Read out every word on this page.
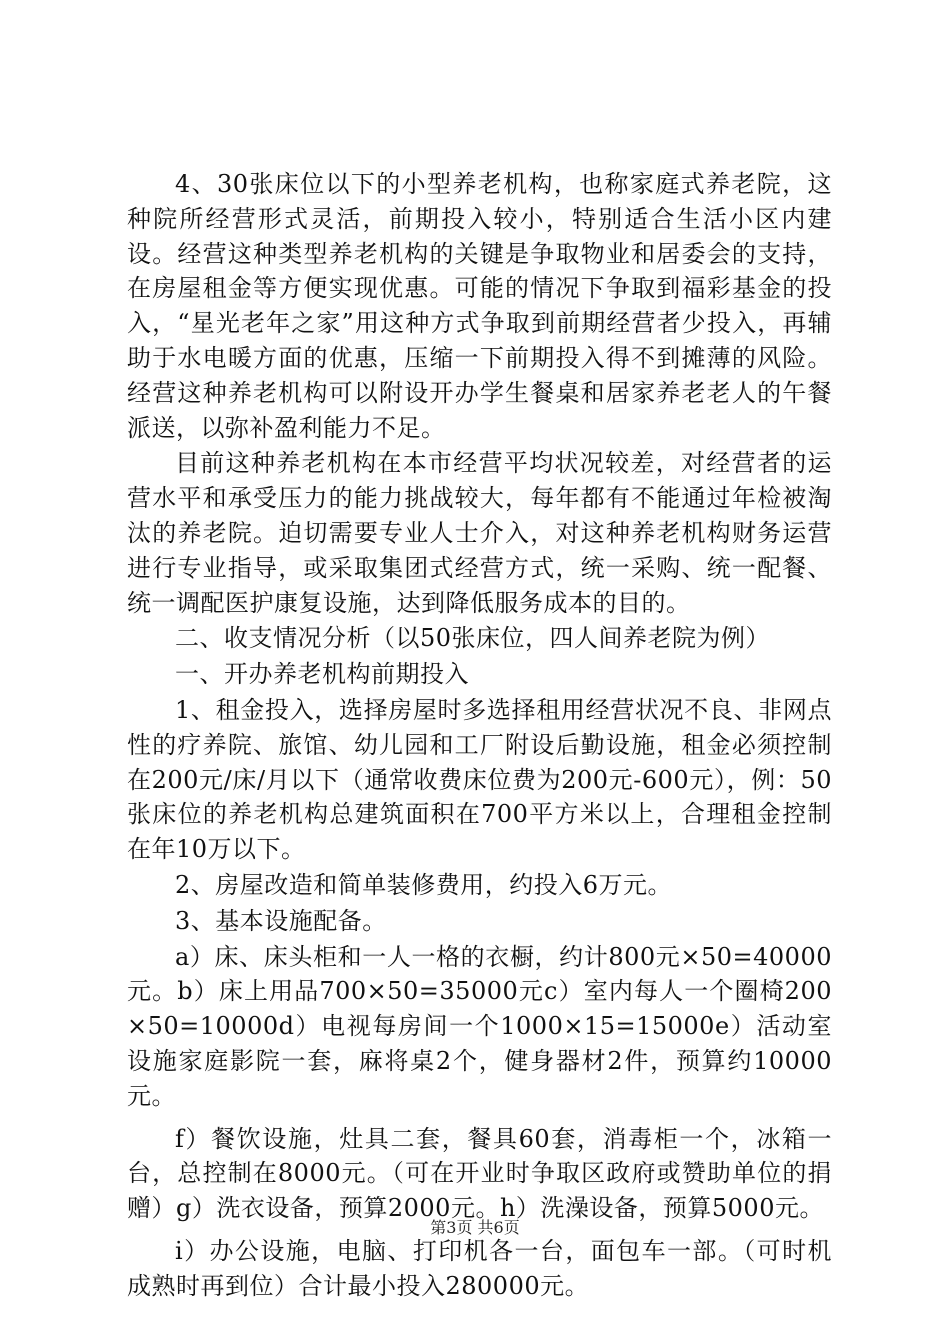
4、30张床位以下的小型养老机构，也称家庭式养老院，这种院所经营形式灵活，前期投入较小，特别适合生活小区内建设。经营这种类型养老机构的关键是争取物业和居委会的支持，在房屋租金等方便实现优惠。可能的情况下争取到福彩基金的投入，“星光老年之家”用这种方式争取到前期经营者少投入，再辅助于水电暖方面的优惠，压缩一下前期投入得不到摊薄的风险。经营这种养老机构可以附设开办学生餐桌和居家养老老人的午餐派送，以弥补盈利能力不足。

目前这种养老机构在本市经营平均状况较差，对经营者的运营水平和承受压力的能力挑战较大，每年都有不能通过年检被淘汰的养老院。迫切需要专业人士介入，对这种养老机构财务运营进行专业指导，或采取集团式经营方式，统一采购、统一配餐、统一调配医护康复设施，达到降低服务成本的目的。

二、收支情况分析（以50张床位，四人间养老院为例）

一、开办养老机构前期投入

1、租金投入，选择房屋时多选择租用经营状况不良、非网点性的疗养院、旅馆、幼儿园和工厂附设后勤设施，租金必须控制在200元/床/月以下（通常收费床位费为200元-600元），例：50张床位的养老机构总建筑面积在700平方米以上，合理租金控制在年10万以下。

2、房屋改造和简单装修费用，约投入6万元。

3、基本设施配备。

a）床、床头柜和一人一格的衣橱，约计800元×50=40000元。b）床上用品700×50=35000元c）室内每人一个圈椅200×50=10000d）电视每房间一个1000×15=15000e）活动室设施家庭影院一套，麻将桌2个，健身器材2件，预算约10000元。

f）餐饮设施，灶具二套，餐具60套，消毒柜一个，冰箱一台，总控制在8000元。（可在开业时争取区政府或赞助单位的捐赠）g）洗衣设备，预算2000元。h）洗澡设备，预算5000元。

i）办公设施，电脑、打印机各一台，面包车一部。（可时机成熟时再到位）合计最小投入280000元。

第3页 共6页
